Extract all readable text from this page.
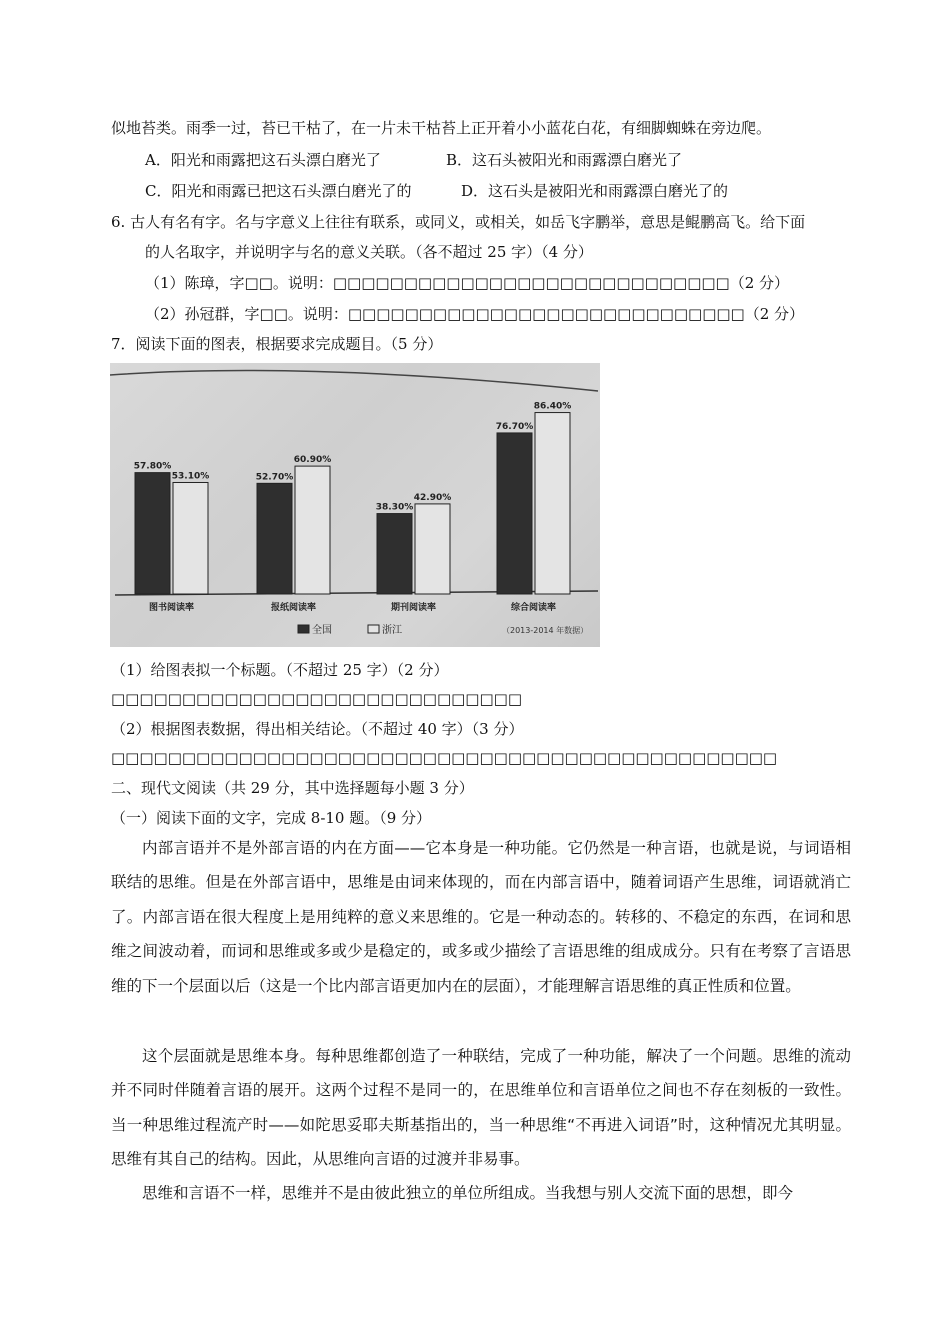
似地苔类。雨季一过，苔已干枯了，在一片未干枯苔上正开着小小蓝花白花，有细脚蜘蛛在旁边爬。
A．阳光和雨露把这石头漂白磨光了	B．这石头被阳光和雨露漂白磨光了
C．阳光和雨露已把这石头漂白磨光了的	D．这石头是被阳光和雨露漂白磨光了的
6. 古人有名有字。名与字意义上往往有联系，或同义，或相关，如岳飞字鹏举，意思是鲲鹏高飞。给下面
的人名取字，并说明字与名的意义关联。（各不超过 25 字）（4 分）
（1）陈璋，字□□。说明：□□□□□□□□□□□□□□□□□□□□□□□□□□□□（2 分）
（2）孙冠群，字□□。说明：□□□□□□□□□□□□□□□□□□□□□□□□□□□□（2 分）
7．阅读下面的图表，根据要求完成题目。（5 分）
57.80%
53.10%
图书阅读率
52.70%
60.90%
报纸阅读率
38.30%
42.90%
期刊阅读率
76.70%
86.40%
综合阅读率
全国	浙江	（2013-2014 年数据）
（1）给图表拟一个标题。（不超过 25 字）（2 分）
□□□□□□□□□□□□□□□□□□□□□□□□□□□□□
（2）根据图表数据，得出相关结论。（不超过 40 字）（3 分）
□□□□□□□□□□□□□□□□□□□□□□□□□□□□□□□□□□□□□□□□□□□□□□□
二、现代文阅读（共 29 分，其中选择题每小题 3 分）
（一）阅读下面的文字，完成 8-10 题。（9 分）
内部言语并不是外部言语的内在方面——它本身是一种功能。它仍然是一种言语，也就是说，与词语相联结的思维。但是在外部言语中，思维是由词来体现的，而在内部言语中，随着词语产生思维，词语就消亡了。内部言语在很大程度上是用纯粹的意义来思维的。它是一种动态的。转移的、不稳定的东西，在词和思维之间波动着，而词和思维或多或少是稳定的，或多或少描绘了言语思维的组成成分。只有在考察了言语思维的下一个层面以后（这是一个比内部言语更加内在的层面），才能理解言语思维的真正性质和位置。
这个层面就是思维本身。每种思维都创造了一种联结，完成了一种功能，解决了一个问题。思维的流动并不同时伴随着言语的展开。这两个过程不是同一的，在思维单位和言语单位之间也不存在刻板的一致性。当一种思维过程流产时——如陀思妥耶夫斯基指出的，当一种思维“不再进入词语”时，这种情况尤其明显。思维有其自己的结构。因此，从思维向言语的过渡并非易事。
思维和言语不一样，思维并不是由彼此独立的单位所组成。当我想与别人交流下面的思想，即今
